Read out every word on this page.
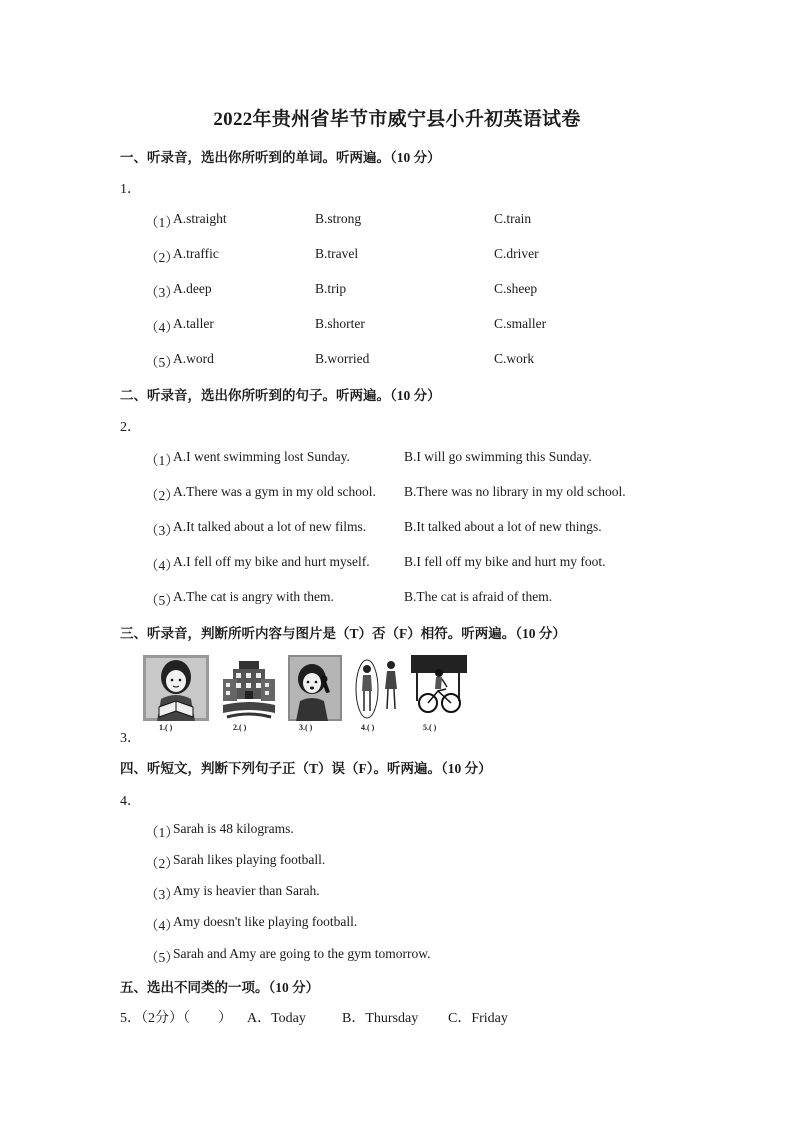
2022年贵州省毕节市威宁县小升初英语试卷
一、听录音，选出你所听到的单词。听两遍。（10 分）
1．
（1）
A.straight	B.strong	C.train
（2）
A.traffic	B.travel	C.driver
（3）
A.deep	B.trip	C.sheep
（4）
A.taller	B.shorter	C.smaller
（5）
A.word	B.worried	C.work
二、听录音，选出你所听到的句子。听两遍。（10 分）
2．
（1）
A.I went swimming lost Sunday.	B.I will go swimming this Sunday.
（2）
A.There was a gym in my old school. B.There was no library in my old school.
（3）
A.It talked about a lot of new films.	B.It talked about a lot of new things.
（4）
A.I fell off my bike and hurt myself.	B.I fell off my bike and hurt my foot.
（5）
A.The cat is angry with them.	B.The cat is afraid of them.
三、听录音，判断所听内容与图片是（T）否（F）相符。听两遍。（10 分）
1.( )	2.( )	3.( )	4.( )	5.( )
3．
四、听短文，判断下列句子正（T）误（F）。听两遍。（10 分）
4．
（1）
Sarah is 48 kilograms.
（2）
Sarah likes playing football.
（3）
Amy is heavier than Sarah.
（4）
Amy doesn't like playing football.
（5）
Sarah and Amy are going to the gym tomorrow.
五、选出不同类的一项。（10 分）
5．（2分）（　　） A．Today	B．Thursday C．Friday
